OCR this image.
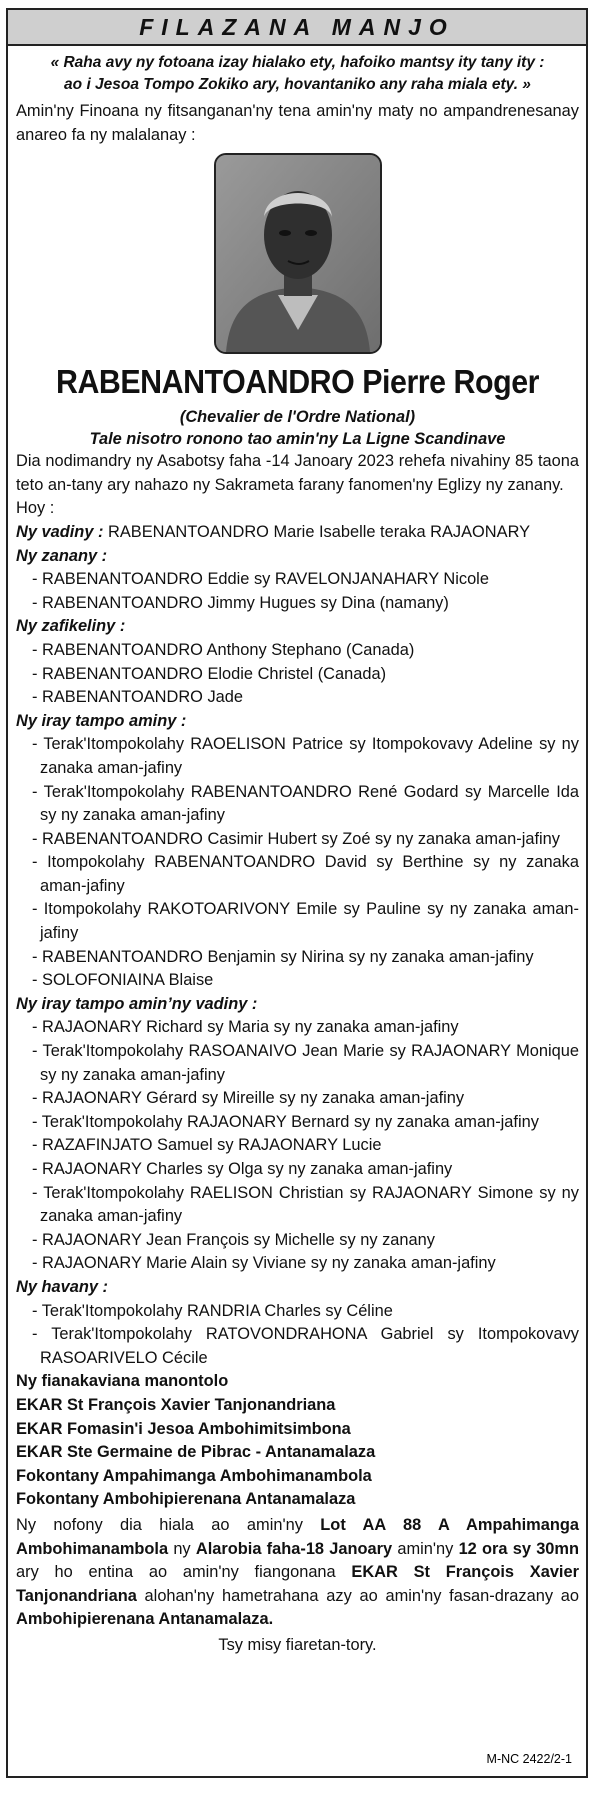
FILAZANA MANJO
« Raha avy ny fotoana izay hialako ety, hafoiko mantsy ity tany ity :
ao i Jesoa Tompo Zokiko ary, hovantaniko any raha miala ety. »
Amin'ny Finoana ny fitsanganan'ny tena amin'ny maty no ampandrenesanay anareo fa ny malalanay :
RABENANTOANDRO Pierre Roger
(Chevalier de l'Ordre National)
Tale nisotro ronono tao amin'ny La Ligne Scandinave
Dia nodimandry ny Asabotsy faha -14 Janoary 2023 rehefa nivahiny 85 taona teto an-tany ary nahazo ny Sakrameta farany fanomen'ny Eglizy ny zanany.
Hoy :
Ny vadiny : RABENANTOANDRO Marie Isabelle teraka RAJAONARY
Ny zanany :
- RABENANTOANDRO Eddie sy RAVELONJANAHARY Nicole
- RABENANTOANDRO Jimmy Hugues sy Dina (namany)
Ny zafikeliny :
- RABENANTOANDRO Anthony Stephano (Canada)
- RABENANTOANDRO Elodie Christel (Canada)
- RABENANTOANDRO Jade
Ny iray tampo aminy :
- Terak'Itompokolahy RAOELISON Patrice sy Itompokovavy Adeline sy ny zanaka aman-jafiny
- Terak'Itompokolahy RABENANTOANDRO René Godard sy Marcelle Ida sy ny zanaka aman-jafiny
- RABENANTOANDRO Casimir Hubert sy Zoé sy ny zanaka aman-jafiny
- Itompokolahy RABENANTOANDRO David sy Berthine sy ny zanaka aman-jafiny
- Itompokolahy RAKOTOARIVONY Emile sy Pauline sy ny zanaka aman-jafiny
- RABENANTOANDRO Benjamin sy Nirina sy ny zanaka aman-jafiny
- SOLOFONIAINA Blaise
Ny iray tampo amin’ny vadiny :
- RAJAONARY Richard sy Maria sy ny zanaka aman-jafiny
- Terak'Itompokolahy RASOANAIVO Jean Marie sy RAJAONARY Monique sy ny zanaka aman-jafiny
- RAJAONARY Gérard sy Mireille sy ny zanaka aman-jafiny
- Terak'Itompokolahy RAJAONARY Bernard sy ny zanaka aman-jafiny
- RAZAFINJATO Samuel sy RAJAONARY Lucie
- RAJAONARY Charles sy Olga sy ny zanaka aman-jafiny
- Terak'Itompokolahy RAELISON Christian sy RAJAONARY Simone sy ny zanaka aman-jafiny
- RAJAONARY Jean François sy Michelle sy ny zanany
- RAJAONARY Marie Alain sy Viviane sy ny zanaka aman-jafiny
Ny havany :
- Terak'Itompokolahy RANDRIA Charles sy Céline
- Terak'Itompokolahy RATOVONDRAHONA Gabriel sy Itompokovavy RASOARIVELO Cécile
Ny fianakaviana manontolo
EKAR St François Xavier Tanjonandriana
EKAR Fomasin'i Jesoa Ambohimitsimbona
EKAR Ste Germaine de Pibrac - Antanamalaza
Fokontany Ampahimanga Ambohimanambola
Fokontany Ambohipierenana Antanamalaza
Ny nofony dia hiala ao amin'ny Lot AA 88 A Ampahimanga Ambohimanambola ny Alarobia faha-18 Janoary amin'ny 12 ora sy 30mn ary ho entina ao amin'ny fiangonana EKAR St François Xavier Tanjonandriana alohan'ny hametrahana azy ao amin'ny fasan-drazany ao Ambohipierenana Antanamalaza.
Tsy misy fiaretan-tory.
M-NC 2422/2-1
